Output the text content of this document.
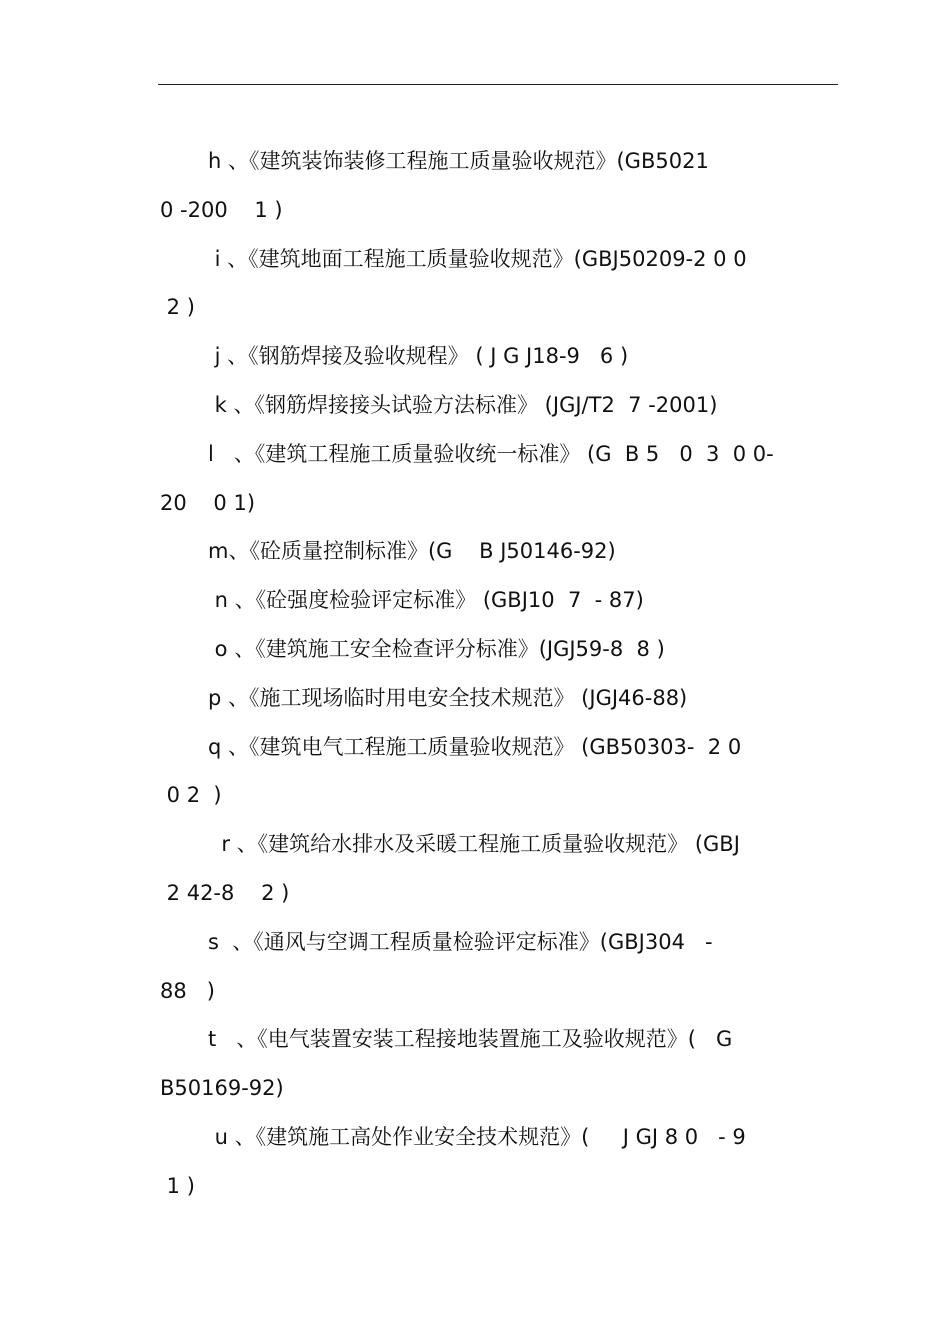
h 、《建筑装饰装修工程施工质量验收规范》(GB5021
0 -200    1 )
i 、《建筑地面工程施工质量验收规范》(GBJ50209-2 0 0
2 )
j 、《钢筋焊接及验收规程》 ( J G J18-9   6 )
k 、《钢筋焊接接头试验方法标准》 (JGJ/T2  7 -2001)
l   、《建筑工程施工质量验收统一标准》 (G  B 5   0  3  0 0-
20    0 1)
m、《砼质量控制标准》(G    B J50146-92)
n 、《砼强度检验评定标准》 (GBJ10  7  - 87)
o 、《建筑施工安全检查评分标准》(JGJ59-8  8 )
p 、《施工现场临时用电安全技术规范》 (JGJ46-88)
q 、《建筑电气工程施工质量验收规范》 (GB50303-  2 0
0 2  )
r 、《建筑给水排水及采暖工程施工质量验收规范》 (GBJ
2 42-8    2 )
s  、《通风与空调工程质量检验评定标准》(GBJ304   -
88   )
t   、《电气装置安装工程接地装置施工及验收规范》(   G
B50169-92)
u 、《建筑施工高处作业安全技术规范》(     J GJ 8 0   - 9
1 )
